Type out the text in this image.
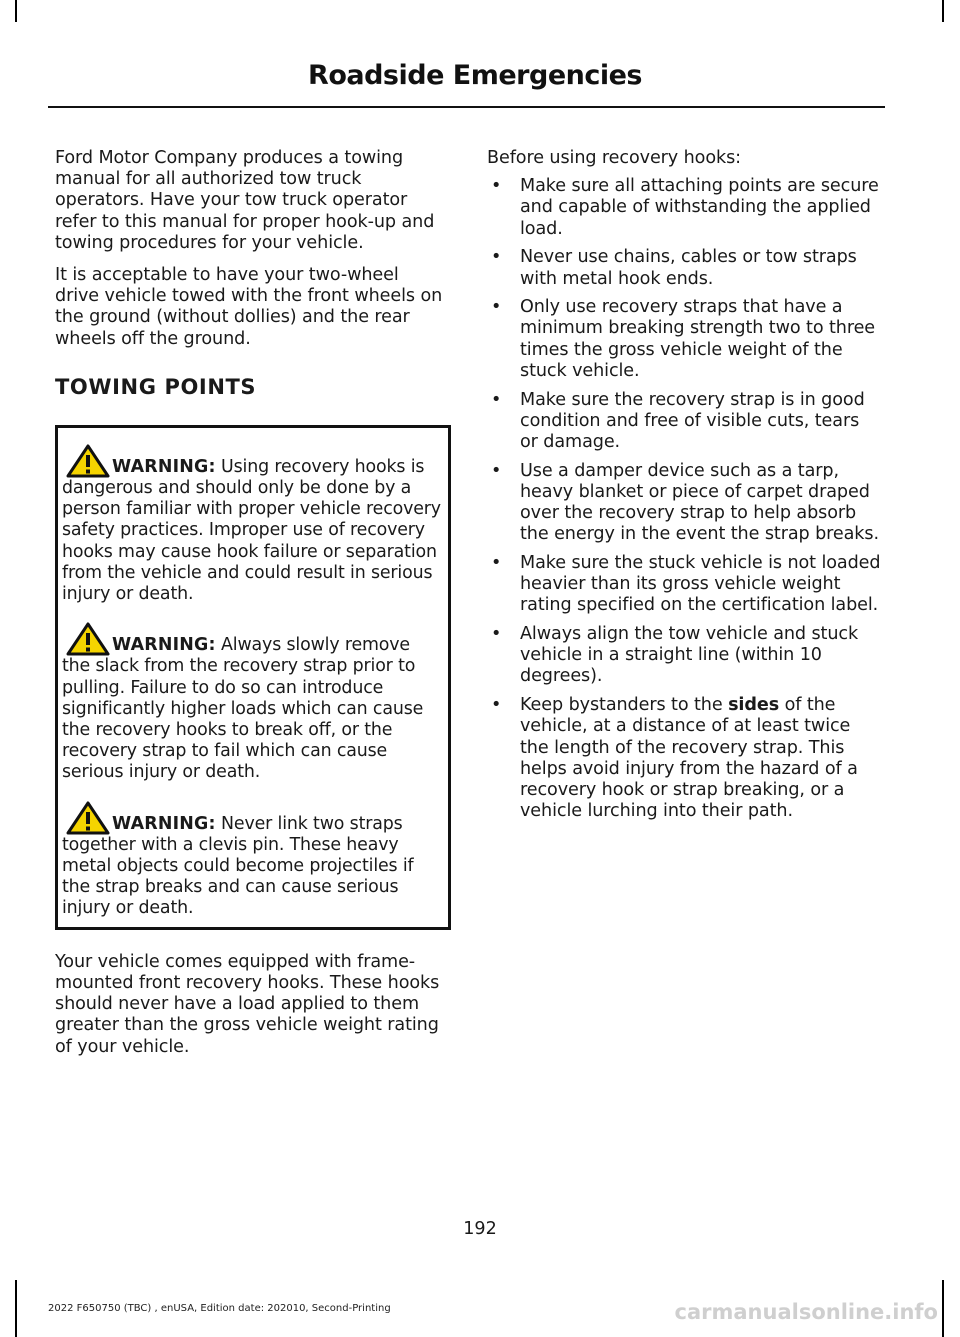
Roadside Emergencies

Ford Motor Company produces a towing manual for all authorized tow truck operators. Have your tow truck operator refer to this manual for proper hook-up and towing procedures for your vehicle.

It is acceptable to have your two-wheel drive vehicle towed with the front wheels on the ground (without dollies) and the rear wheels off the ground.

TOWING POINTS

WARNING: Using recovery hooks is dangerous and should only be done by a person familiar with proper vehicle recovery safety practices. Improper use of recovery hooks may cause hook failure or separation from the vehicle and could result in serious injury or death.

WARNING: Always slowly remove the slack from the recovery strap prior to pulling. Failure to do so can introduce significantly higher loads which can cause the recovery hooks to break off, or the recovery strap to fail which can cause serious injury or death.

WARNING: Never link two straps together with a clevis pin. These heavy metal objects could become projectiles if the strap breaks and can cause serious injury or death.

Your vehicle comes equipped with frame-mounted front recovery hooks. These hooks should never have a load applied to them greater than the gross vehicle weight rating of your vehicle.

Before using recovery hooks:

• Make sure all attaching points are secure and capable of withstanding the applied load.
• Never use chains, cables or tow straps with metal hook ends.
• Only use recovery straps that have a minimum breaking strength two to three times the gross vehicle weight of the stuck vehicle.
• Make sure the recovery strap is in good condition and free of visible cuts, tears or damage.
• Use a damper device such as a tarp, heavy blanket or piece of carpet draped over the recovery strap to help absorb the energy in the event the strap breaks.
• Make sure the stuck vehicle is not loaded heavier than its gross vehicle weight rating specified on the certification label.
• Always align the tow vehicle and stuck vehicle in a straight line (within 10 degrees).
• Keep bystanders to the sides of the vehicle, at a distance of at least twice the length of the recovery strap. This helps avoid injury from the hazard of a recovery hook or strap breaking, or a vehicle lurching into their path.
192
2022 F650750 (TBC) , enUSA, Edition date: 202010, Second-Printing	carmanualsonline.info
